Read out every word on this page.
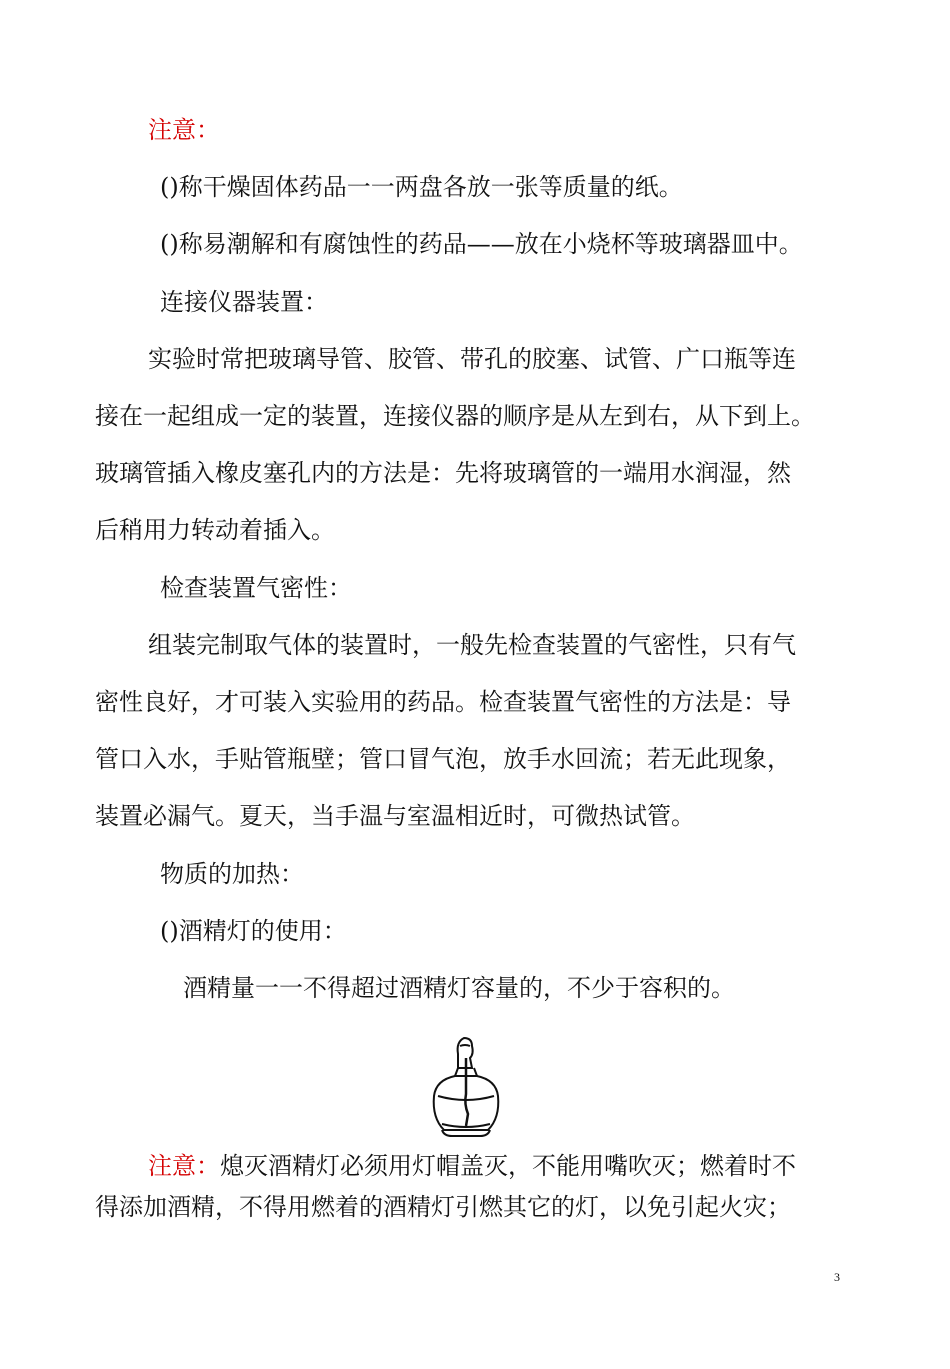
注意：
()称干燥固体药品一一两盘各放一张等质量的纸。
()称易潮解和有腐蚀性的药品——放在小烧杯等玻璃器皿中。
连接仪器装置：
实验时常把玻璃导管、胶管、带孔的胶塞、试管、广口瓶等连
接在一起组成一定的装置，连接仪器的顺序是从左到右，从下到上。
玻璃管插入橡皮塞孔内的方法是：先将玻璃管的一端用水润湿，然
后稍用力转动着插入。
检查装置气密性：
组装完制取气体的装置时，一般先检查装置的气密性，只有气
密性良好，才可装入实验用的药品。检查装置气密性的方法是：导
管口入水，手贴管瓶壁；管口冒气泡，放手水回流；若无此现象，
装置必漏气。夏天，当手温与室温相近时，可微热试管。
物质的加热：
()酒精灯的使用：
酒精量一一不得超过酒精灯容量的，不少于容积的。
注意：熄灭酒精灯必须用灯帽盖灭，不能用嘴吹灭；燃着时不
得添加酒精，不得用燃着的酒精灯引燃其它的灯，以免引起火灾；
3
